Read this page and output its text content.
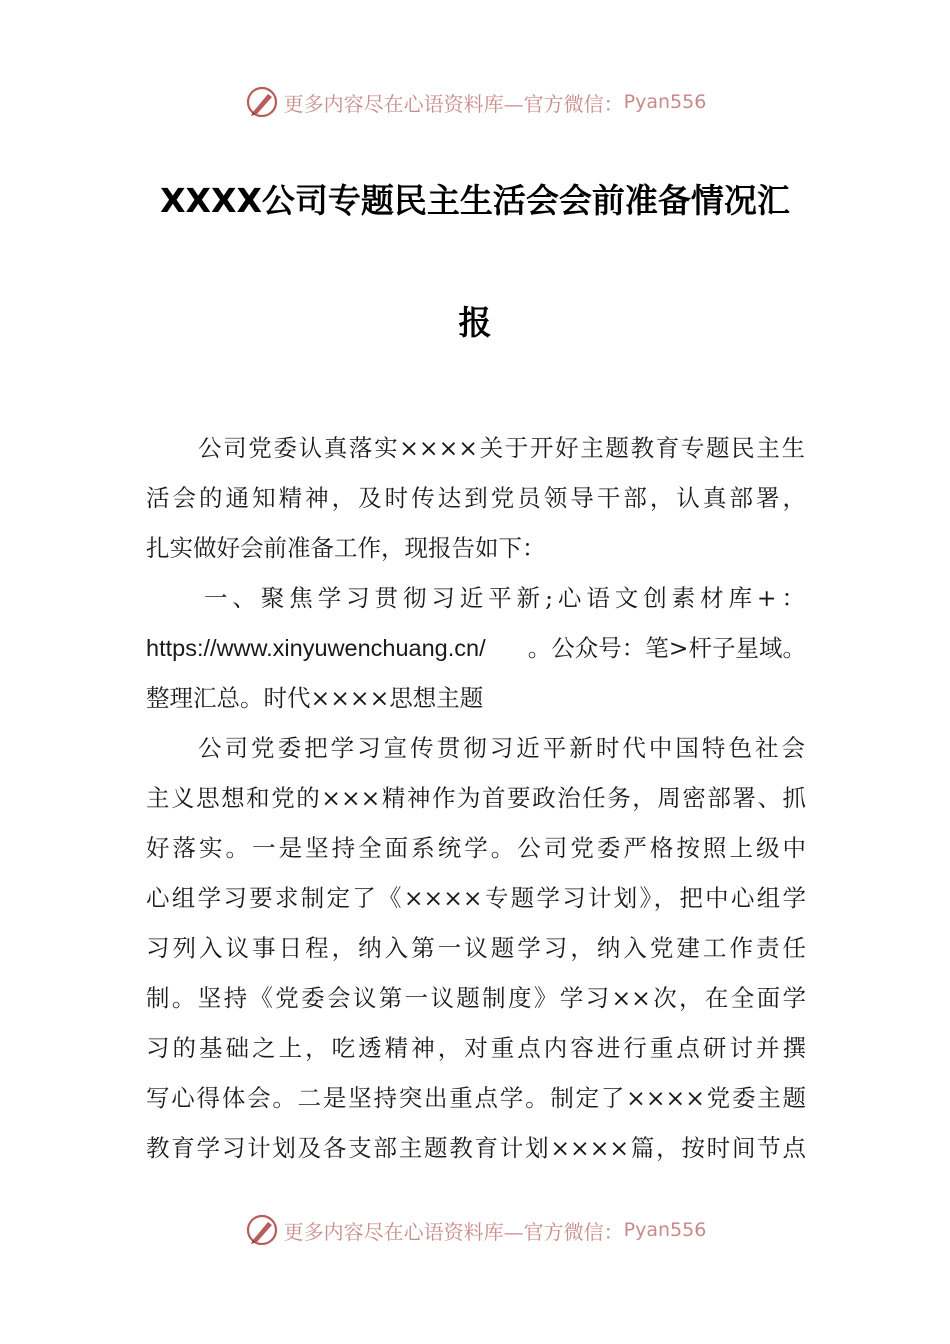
更多内容尽在心语资料库—官方微信： Pyan556
XXXX公司专题民主生活会会前准备情况汇
报
公司党委认真落实××××关于开好主题教育专题民主生
活会的通知精神，及时传达到党员领导干部，认真部署，
扎实做好会前准备工作，现报告如下：
一、聚焦学习贯彻习近平新;心语文创素材库+：
https://www.xinyuwenchuang.cn/ 。公众号：笔>杆子星域。
整理汇总。时代××××思想主题
公司党委把学习宣传贯彻习近平新时代中国特色社会
主义思想和党的×××精神作为首要政治任务，周密部署、抓
好落实。一是坚持全面系统学。公司党委严格按照上级中
心组学习要求制定了《××××专题学习计划》，把中心组学
习列入议事日程，纳入第一议题学习，纳入党建工作责任
制。坚持《党委会议第一议题制度》学习××次，在全面学
习的基础之上，吃透精神，对重点内容进行重点研讨并撰
写心得体会。二是坚持突出重点学。制定了××××党委主题
教育学习计划及各支部主题教育计划××××篇，按时间节点
更多内容尽在心语资料库—官方微信： Pyan556
